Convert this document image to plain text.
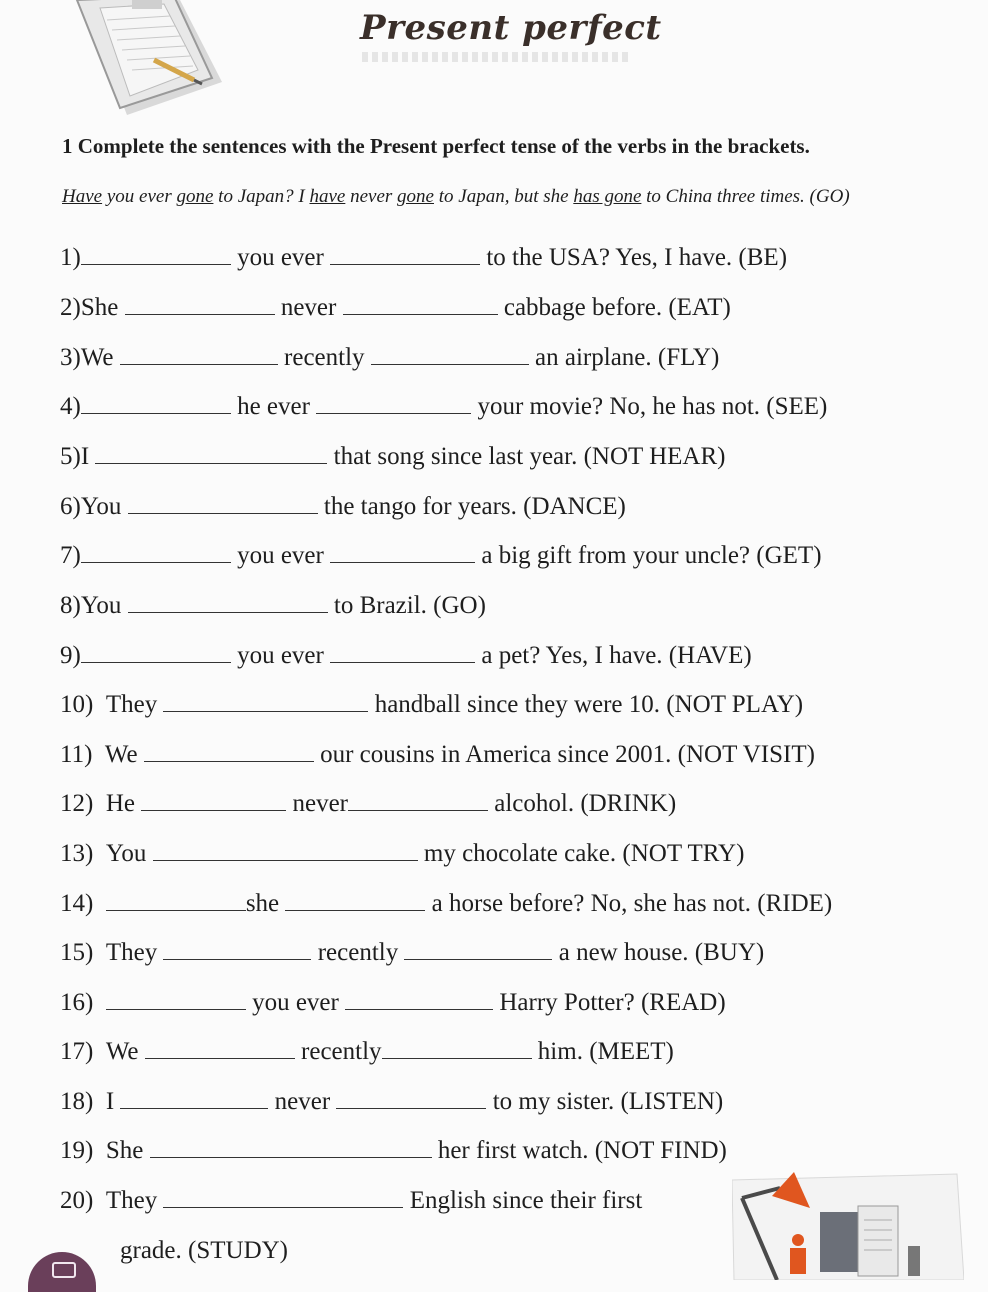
Present perfect
1 Complete the sentences with the Present perfect tense of the verbs in the brackets.
Have you ever gone to Japan? I have never gone to Japan, but she has gone to China three times. (GO)
1)	you ever	to the USA? Yes, I have. (BE)
2)She	never	cabbage before. (EAT)
3)We	recently	an airplane. (FLY)
4)	he ever	your movie? No, he has not. (SEE)
5)I	that song since last year. (NOT HEAR)
6)You	the tango for years. (DANCE)
7)	you ever	a big gift from your uncle? (GET)
8)You	to Brazil. (GO)
9)	you ever	a pet? Yes, I have. (HAVE)
10) They	handball since they were 10. (NOT PLAY)
11) We	our cousins in America since 2001. (NOT VISIT)
12) He	never	alcohol. (DRINK)
13) You	my chocolate cake. (NOT TRY)
14)	she	a horse before? No, she has not. (RIDE)
15) They	recently	a new house. (BUY)
16)	you ever	Harry Potter? (READ)
17) We	recently	him. (MEET)
18) I	never	to my sister. (LISTEN)
19) She	her first watch. (NOT FIND)
20) They	English since their first
grade. (STUDY)
